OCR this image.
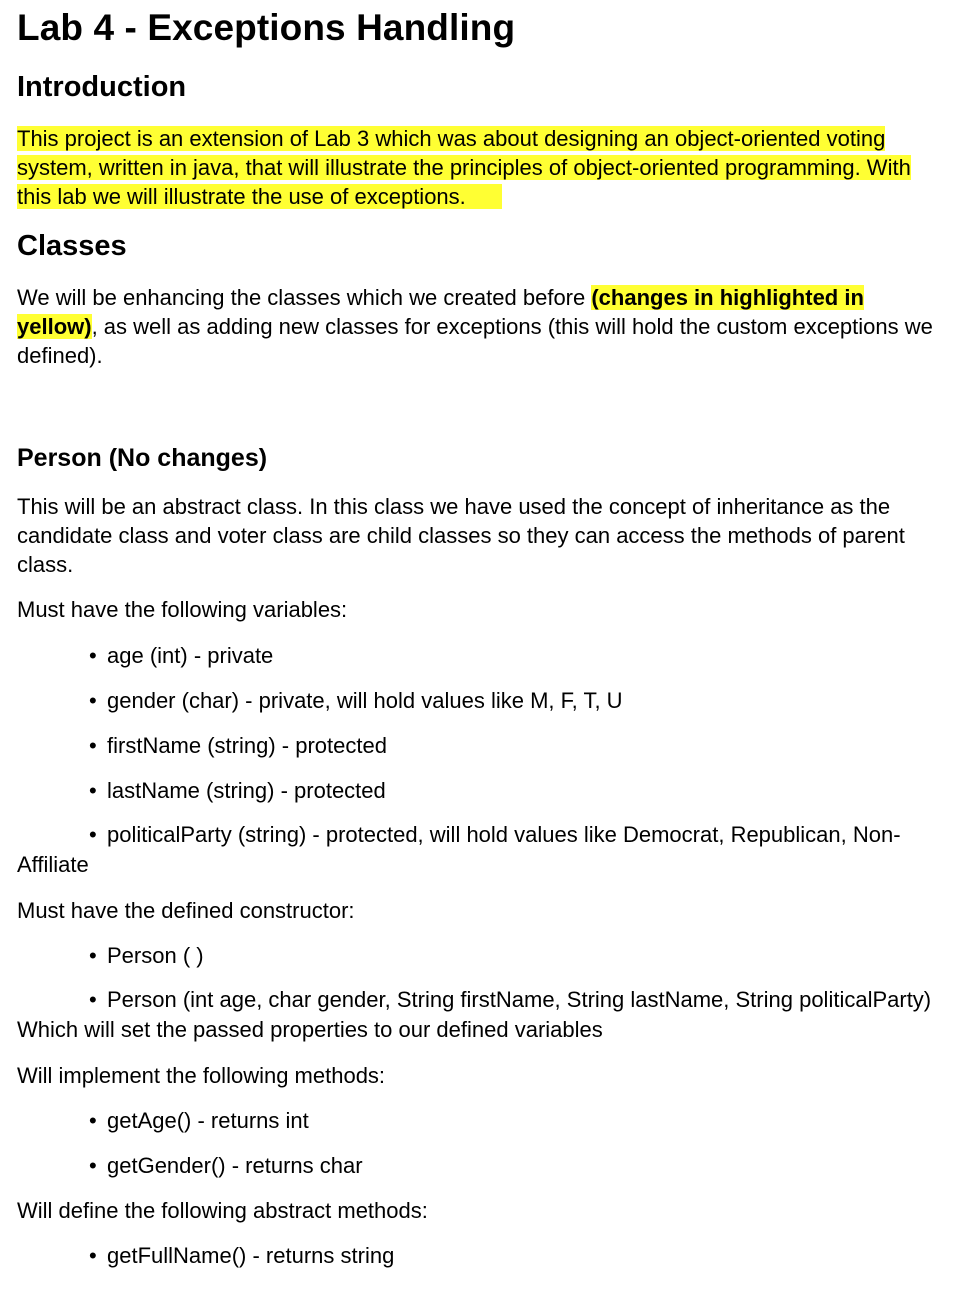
Lab 4 - Exceptions Handling
Introduction

This project is an extension of Lab 3 which was about designing an object-oriented voting system, written in java, that will illustrate the principles of object-oriented programming. With this lab we will illustrate the use of exceptions.

Classes

We will be enhancing the classes which we created before (changes in highlighted in yellow), as well as adding new classes for exceptions (this will hold the custom exceptions we defined).

Person (No changes)

This will be an abstract class. In this class we have used the concept of inheritance as the candidate class and voter class are child classes so they can access the methods of parent class.

Must have the following variables:

• age (int) - private
• gender (char) - private, will hold values like M, F, T, U
• firstName (string) - protected
• lastName (string) - protected

• politicalParty (string) - protected, will hold values like Democrat, Republican, Non-Affiliate

Must have the defined constructor:

• Person ( )

• Person (int age, char gender, String firstName, String lastName, String politicalParty) Which will set the passed properties to our defined variables

Will implement the following methods:

• getAge() - returns int
• getGender() - returns char

Will define the following abstract methods:

• getFullName() - returns string
